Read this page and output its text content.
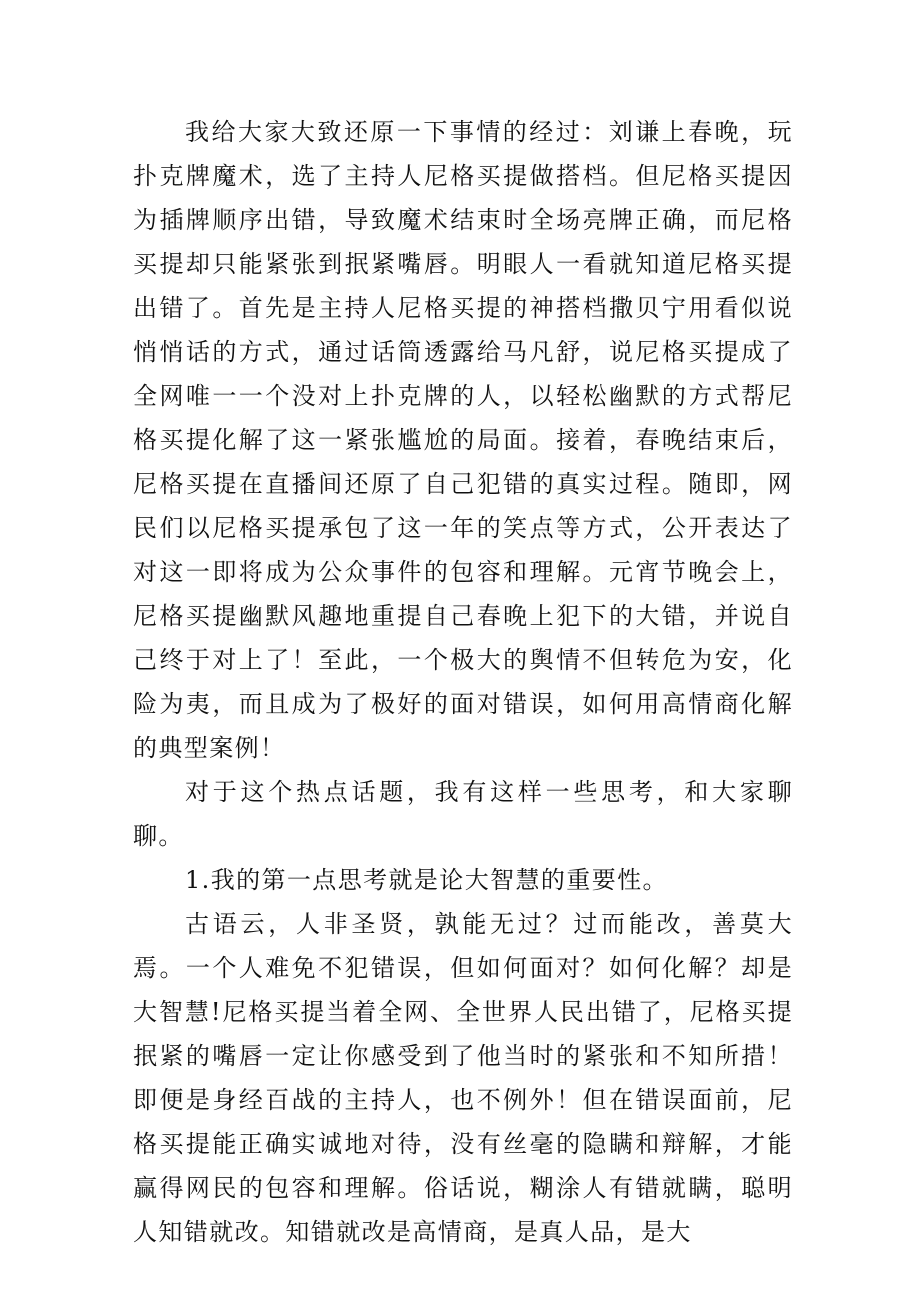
我给大家大致还原一下事情的经过：刘谦上春晚，玩扑克牌魔术，选了主持人尼格买提做搭档。但尼格买提因为插牌顺序出错，导致魔术结束时全场亮牌正确，而尼格买提却只能紧张到抿紧嘴唇。明眼人一看就知道尼格买提出错了。首先是主持人尼格买提的神搭档撒贝宁用看似说悄悄话的方式，通过话筒透露给马凡舒，说尼格买提成了全网唯一一个没对上扑克牌的人，以轻松幽默的方式帮尼格买提化解了这一紧张尴尬的局面。接着，春晚结束后，尼格买提在直播间还原了自己犯错的真实过程。随即，网民们以尼格买提承包了这一年的笑点等方式，公开表达了对这一即将成为公众事件的包容和理解。元宵节晚会上，尼格买提幽默风趣地重提自己春晚上犯下的大错，并说自己终于对上了！至此，一个极大的舆情不但转危为安，化险为夷，而且成为了极好的面对错误，如何用高情商化解的典型案例！

对于这个热点话题，我有这样一些思考，和大家聊聊。

1.我的第一点思考就是论大智慧的重要性。

古语云，人非圣贤，孰能无过？过而能改，善莫大焉。一个人难免不犯错误，但如何面对？如何化解？却是大智慧!尼格买提当着全网、全世界人民出错了，尼格买提抿紧的嘴唇一定让你感受到了他当时的紧张和不知所措！即便是身经百战的主持人，也不例外！但在错误面前，尼格买提能正确实诚地对待，没有丝毫的隐瞒和辩解，才能赢得网民的包容和理解。俗话说，糊涂人有错就瞒，聪明人知错就改。知错就改是高情商，是真人品，是大
